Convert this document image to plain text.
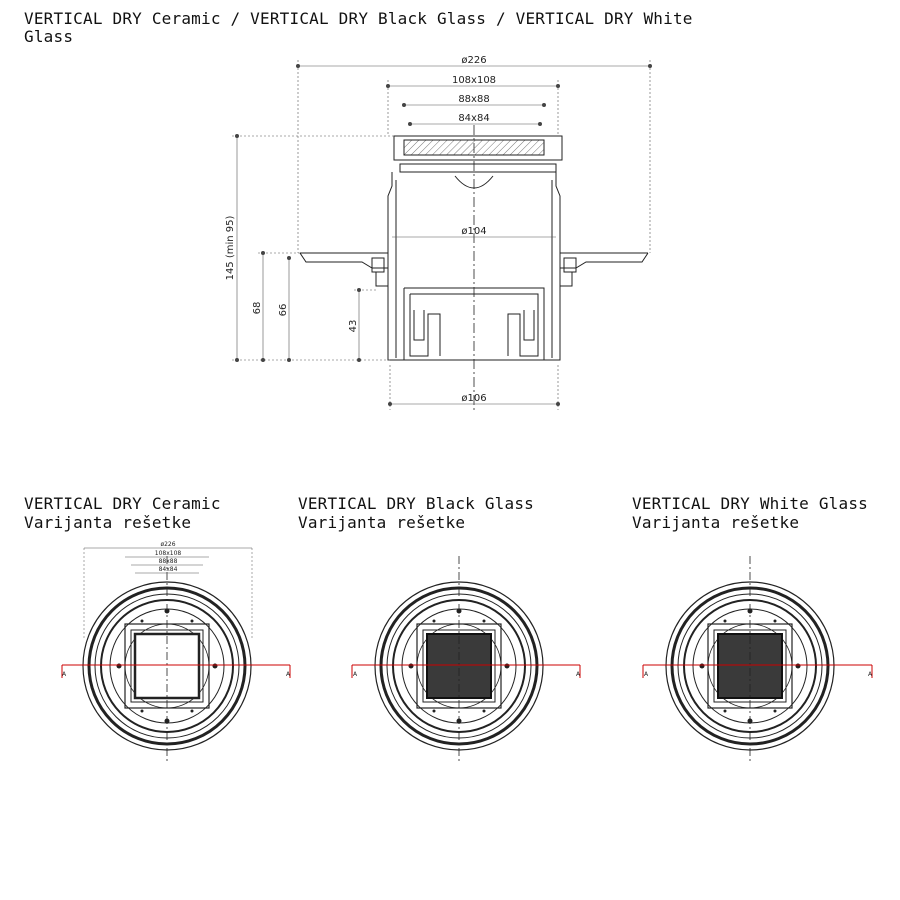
VERTICAL DRY Ceramic / VERTICAL DRY Black Glass / VERTICAL DRY White Glass
ø226
108x108
88x88
84x84
ø104
ø106
145 (min 95)
68 66
43
A	A
ø226
108x108
88x88
84x84
A	A	A	A
VERTICAL DRY Ceramic
Varijanta rešetke
VERTICAL DRY Black Glass
Varijanta rešetke
VERTICAL DRY White Glass
Varijanta rešetke
